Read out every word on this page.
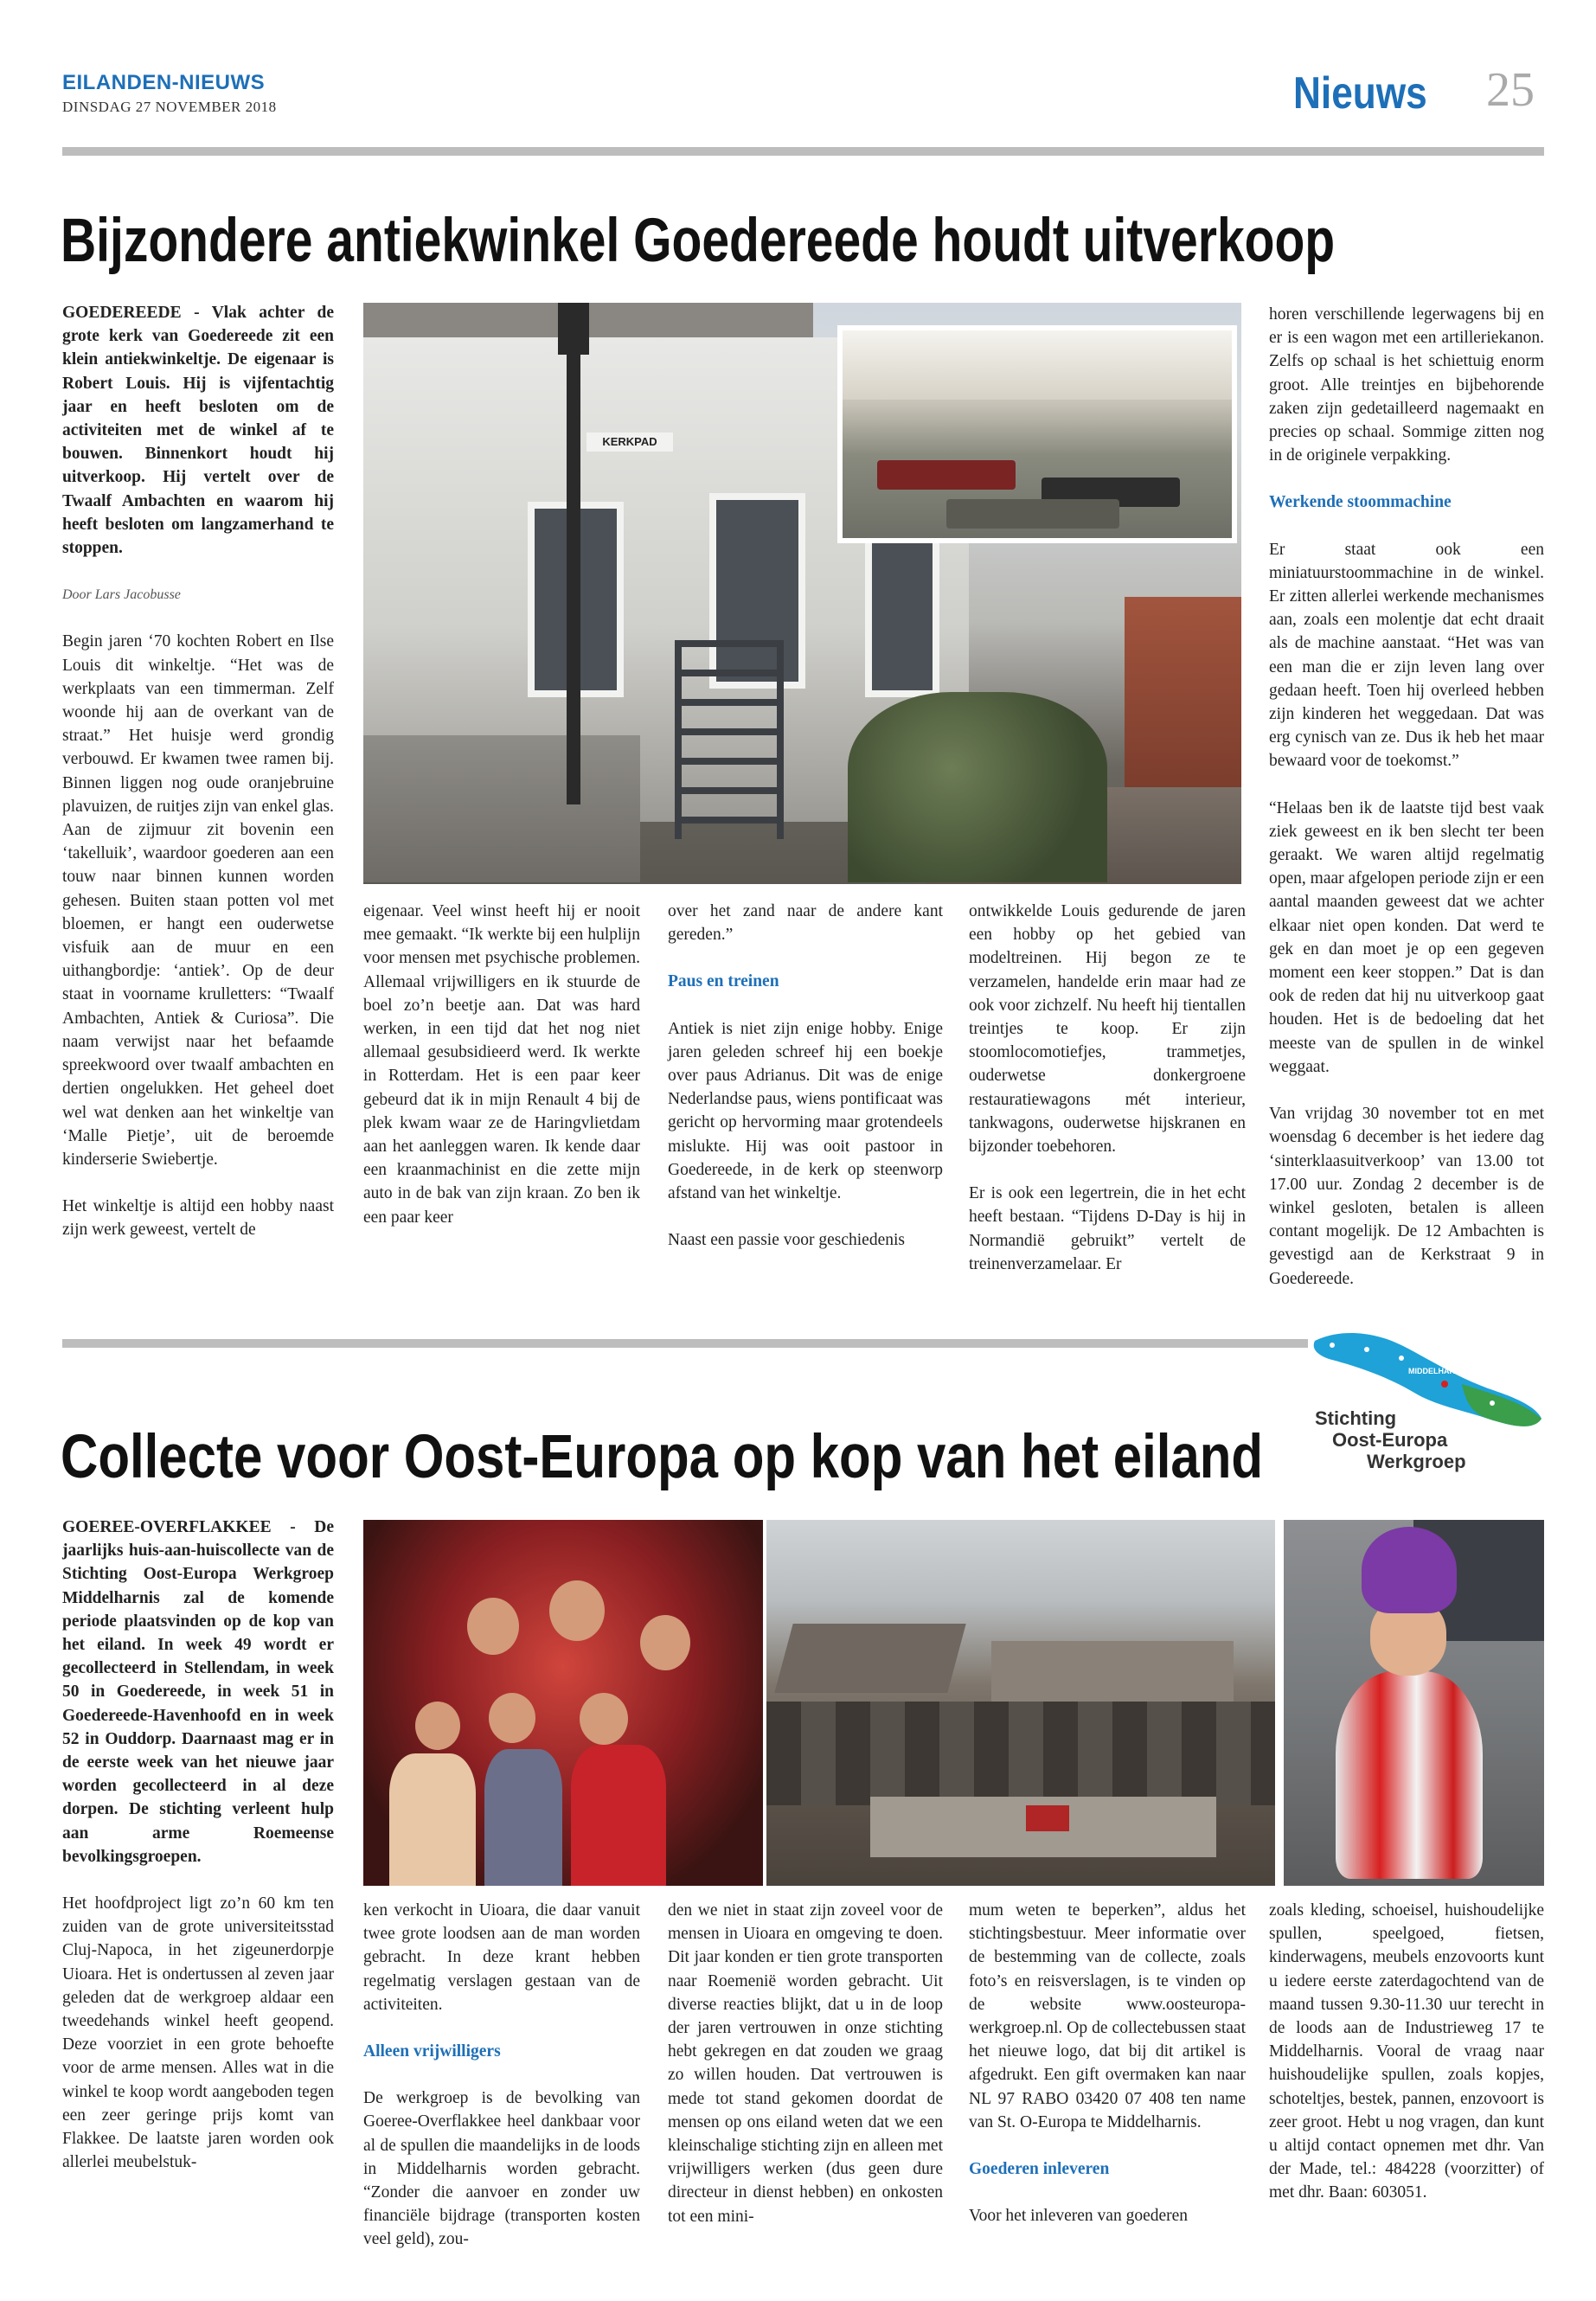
EILANDEN-NIEUWS
DINSDAG 27 NOVEMBER 2018	Nieuws 25
Bijzondere antiekwinkel Goedereede houdt uitverkoop

GOEDEREEDE - Vlak achter de grote kerk van Goedereede zit een klein antiekwinkeltje. De eigenaar is Robert Louis. Hij is vijfentachtig jaar en heeft besloten om de activiteiten met de winkel af te bouwen. Binnenkort houdt hij uitverkoop. Hij vertelt over de Twaalf Ambachten en waarom hij heeft besloten om langzamerhand te stoppen.

Door Lars Jacobusse

Begin jaren ‘70 kochten Robert en Ilse Louis dit winkeltje. “Het was de werkplaats van een timmerman. Zelf woonde hij aan de overkant van de straat.” Het huisje werd grondig verbouwd. Er kwamen twee ramen bij. Binnen liggen nog oude oranjebruine plavuizen, de ruitjes zijn van enkel glas. Aan de zijmuur zit bovenin een ‘takelluik’, waardoor goederen aan een touw naar binnen kunnen worden gehesen. Buiten staan potten vol met bloemen, er hangt een ouderwetse visfuik aan de muur en een uithangbordje: ‘antiek’. Op de deur staat in voorname krulletters: “Twaalf Ambachten, Antiek & Curiosa”. Die naam verwijst naar het befaamde spreekwoord over twaalf ambachten en dertien ongelukken. Het geheel doet wel wat denken aan het winkeltje van ‘Malle Pietje’, uit de beroemde kinderserie Swiebertje.

Het winkeltje is altijd een hobby naast zijn werk geweest, vertelt de

KERKPAD

eigenaar. Veel winst heeft hij er nooit mee gemaakt. “Ik werkte bij een hulplijn voor mensen met psychische problemen. Allemaal vrijwilligers en ik stuurde de boel zo’n beetje aan. Dat was hard werken, in een tijd dat het nog niet allemaal gesubsidieerd werd. Ik werkte in Rotterdam. Het is een paar keer gebeurd dat ik in mijn Renault 4 bij de plek kwam waar ze de Haringvlietdam aan het aanleggen waren. Ik kende daar een kraanmachinist en die zette mijn auto in de bak van zijn kraan. Zo ben ik een paar keer

over het zand naar de andere kant gereden.”

Paus en treinen

Antiek is niet zijn enige hobby. Enige jaren geleden schreef hij een boekje over paus Adrianus. Dit was de enige Nederlandse paus, wiens pontificaat was gericht op hervorming maar grotendeels mislukte. Hij was ooit pastoor in Goedereede, in de kerk op steenworp afstand van het winkeltje.

Naast een passie voor geschiedenis

ontwikkelde Louis gedurende de jaren een hobby op het gebied van modeltreinen. Hij begon ze te verzamelen, handelde erin maar had ze ook voor zichzelf. Nu heeft hij tientallen treintjes te koop. Er zijn stoomlocomotiefjes, trammetjes, ouderwetse donkergroene restauratiewagons mét interieur, tankwagons, ouderwetse hijskranen en bijzonder toebehoren.

Er is ook een legertrein, die in het echt heeft bestaan. “Tijdens D-Day is hij in Normandië gebruikt” vertelt de treinenverzamelaar. Er

horen verschillende legerwagens bij en er is een wagon met een artilleriekanon. Zelfs op schaal is het schiettuig enorm groot. Alle treintjes en bijbehorende zaken zijn gedetailleerd nagemaakt en precies op schaal. Sommige zitten nog in de originele verpakking.

Werkende stoommachine

Er staat ook een miniatuurstoommachine in de winkel. Er zitten allerlei werkende mechanismes aan, zoals een molentje dat echt draait als de machine aanstaat. “Het was van een man die er zijn leven lang over gedaan heeft. Toen hij overleed hebben zijn kinderen het weggedaan. Dat was erg cynisch van ze. Dus ik heb het maar bewaard voor de toekomst.”

“Helaas ben ik de laatste tijd best vaak ziek geweest en ik ben slecht ter been geraakt. We waren altijd regelmatig open, maar afgelopen periode zijn er een aantal maanden geweest dat we achter elkaar niet open konden. Dat werd te gek en dan moet je op een gegeven moment een keer stoppen.” Dat is dan ook de reden dat hij nu uitverkoop gaat houden. Het is de bedoeling dat het meeste van de spullen in de winkel weggaat.

Van vrijdag 30 november tot en met woensdag 6 december is het iedere dag ‘sinterklaasuitverkoop’ van 13.00 tot 17.00 uur. Zondag 2 december is de winkel gesloten, betalen is alleen contant mogelijk. De 12 Ambachten is gevestigd aan de Kerkstraat 9 in Goedereede.

MIDDELHARNIS
Stichting
Oost-Europa
Werkgroep
Collecte voor Oost-Europa op kop van het eiland

GOEREE-OVERFLAKKEE - De jaarlijks huis-aan-huiscollecte van de Stichting Oost-Europa Werkgroep Middelharnis zal de komende periode plaatsvinden op de kop van het eiland. In week 49 wordt er gecollecteerd in Stellendam, in week 50 in Goedereede, in week 51 in Goedereede-Havenhoofd en in week 52 in Ouddorp. Daarnaast mag er in de eerste week van het nieuwe jaar worden gecollecteerd in al deze dorpen. De stichting verleent hulp aan arme Roemeense bevolkingsgroepen.

Het hoofdproject ligt zo’n 60 km ten zuiden van de grote universiteitsstad Cluj-Napoca, in het zigeunerdorpje Uioara. Het is ondertussen al zeven jaar geleden dat de werkgroep aldaar een tweedehands winkel heeft geopend. Deze voorziet in een grote behoefte voor de arme mensen. Alles wat in die winkel te koop wordt aangeboden tegen een zeer geringe prijs komt van Flakkee. De laatste jaren worden ook allerlei meubelstuk-

ken verkocht in Uioara, die daar vanuit twee grote loodsen aan de man worden gebracht. In deze krant hebben regelmatig verslagen gestaan van de activiteiten.

Alleen vrijwilligers

De werkgroep is de bevolking van Goeree-Overflakkee heel dankbaar voor al de spullen die maandelijks in de loods in Middelharnis worden gebracht. “Zonder die aanvoer en zonder uw financiële bijdrage (transporten kosten veel geld), zou-

den we niet in staat zijn zoveel voor de mensen in Uioara en omgeving te doen. Dit jaar konden er tien grote transporten naar Roemenië worden gebracht. Uit diverse reacties blijkt, dat u in de loop der jaren vertrouwen in onze stichting hebt gekregen en dat zouden we graag zo willen houden. Dat vertrouwen is mede tot stand gekomen doordat de mensen op ons eiland weten dat we een kleinschalige stichting zijn en alleen met vrijwilligers werken (dus geen dure directeur in dienst hebben) en onkosten tot een mini-

mum weten te beperken”, aldus het stichtingsbestuur. Meer informatie over de bestemming van de collecte, zoals foto’s en reisverslagen, is te vinden op de website www.oosteuropa-werkgroep.nl. Op de collectebussen staat het nieuwe logo, dat bij dit artikel is afgedrukt. Een gift overmaken kan naar NL 97 RABO 03420 07 408 ten name van St. O-Europa te Middelharnis.

Goederen inleveren

Voor het inleveren van goederen

zoals kleding, schoeisel, huishoudelijke spullen, speelgoed, fietsen, kinderwagens, meubels enzovoorts kunt u iedere eerste zaterdagochtend van de maand tussen 9.30-11.30 uur terecht in de loods aan de Industrieweg 17 te Middelharnis. Vooral de vraag naar huishoudelijke spullen, zoals kopjes, schoteltjes, bestek, pannen, enzovoort is zeer groot. Hebt u nog vragen, dan kunt u altijd contact opnemen met dhr. Van der Made, tel.: 484228 (voorzitter) of met dhr. Baan: 603051.
